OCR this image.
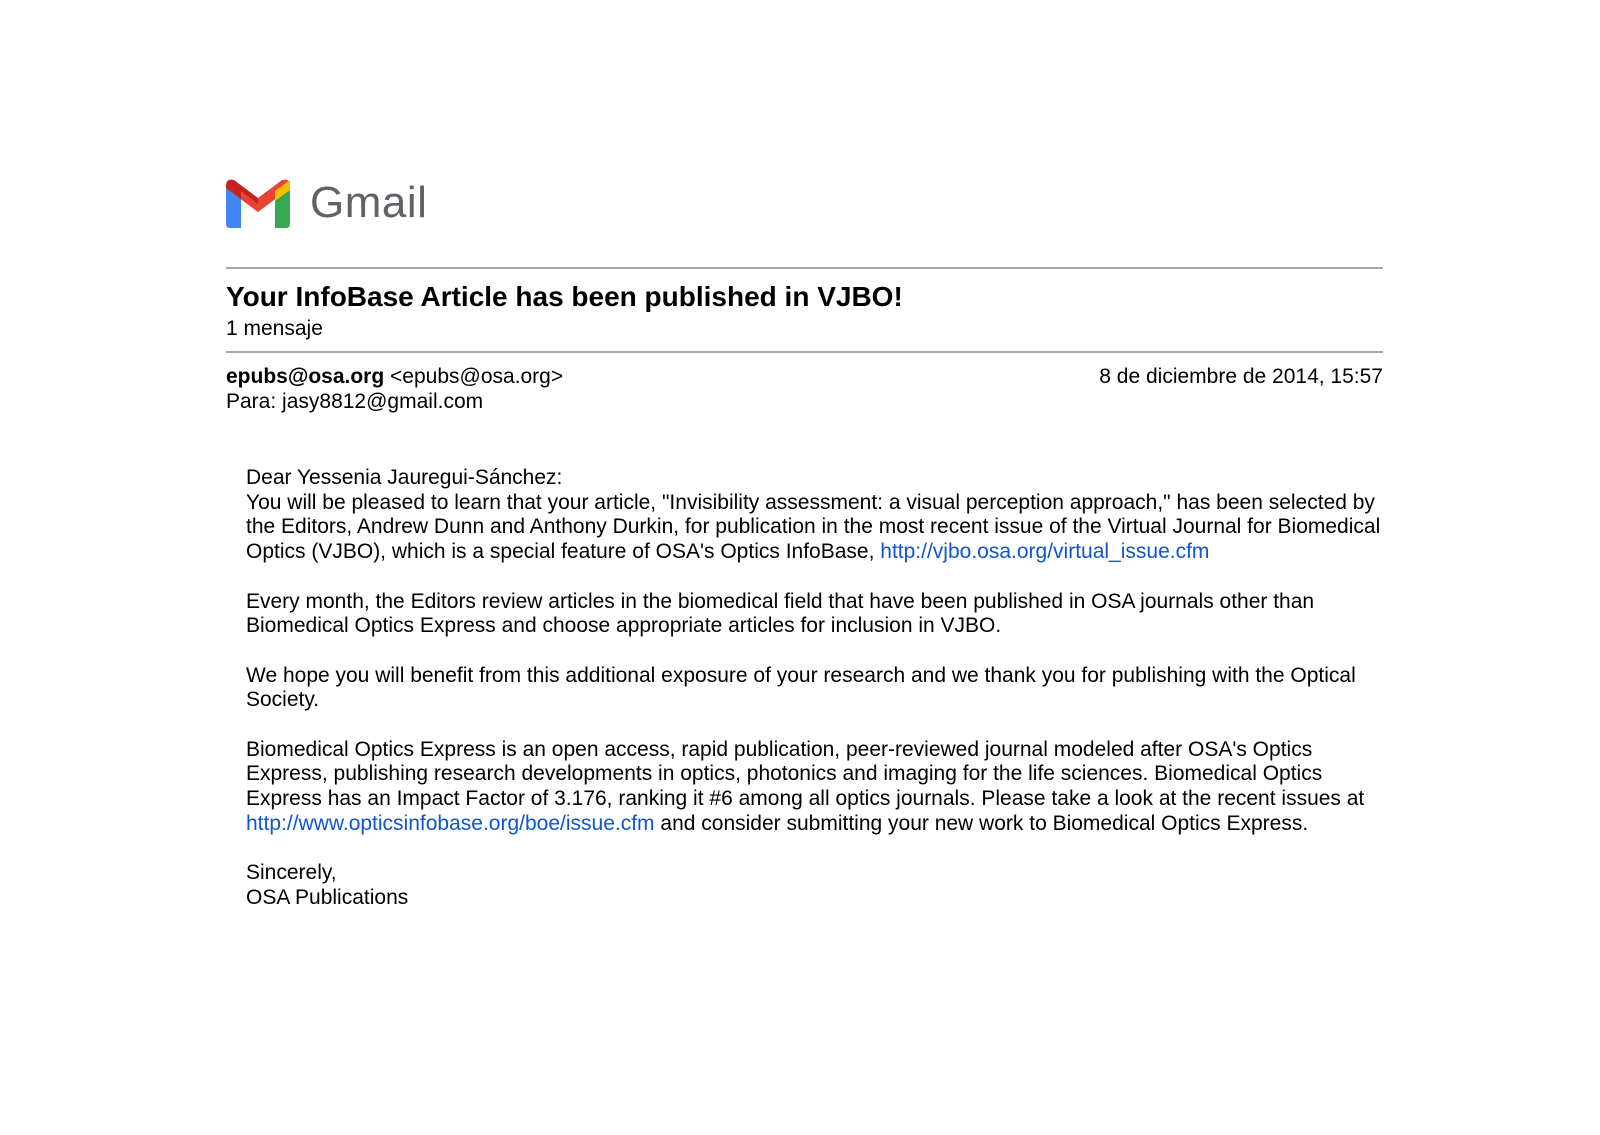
Gmail
Your InfoBase Article has been published in VJBO!
1 mensaje
epubs@osa.org <epubs@osa.org>	8 de diciembre de 2014, 15:57
Para: jasy8812@gmail.com

Dear Yessenia Jauregui-Sánchez:

You will be pleased to learn that your article, "Invisibility assessment: a visual perception approach," has been selected by the Editors, Andrew Dunn and Anthony Durkin, for publication in the most recent issue of the Virtual Journal for Biomedical Optics (VJBO), which is a special feature of OSA's Optics InfoBase, http://vjbo.osa.org/virtual_issue.cfm

Every month, the Editors review articles in the biomedical field that have been published in OSA journals other than Biomedical Optics Express and choose appropriate articles for inclusion in VJBO.

We hope you will benefit from this additional exposure of your research and we thank you for publishing with the Optical Society.

Biomedical Optics Express is an open access, rapid publication, peer-reviewed journal modeled after OSA's Optics Express, publishing research developments in optics, photonics and imaging for the life sciences. Biomedical Optics Express has an Impact Factor of 3.176, ranking it #6 among all optics journals. Please take a look at the recent issues at http://www.opticsinfobase.org/boe/issue.cfm and consider submitting your new work to Biomedical Optics Express.

Sincerely,

OSA Publications
